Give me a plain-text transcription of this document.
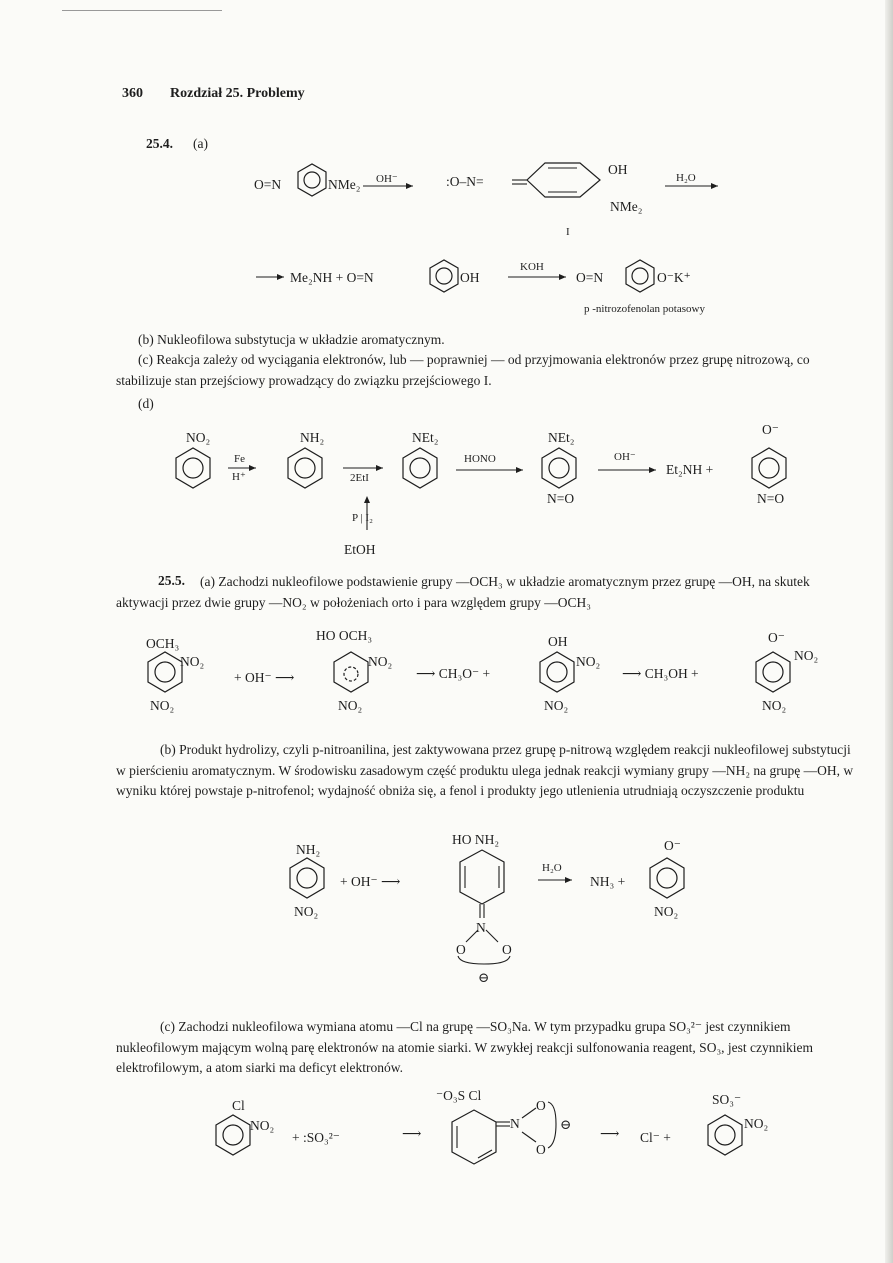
360 Rozdział 25. Problemy
25.4. (a)
O=N	NMe₂ OH⁻	:O–N=
OH
NMe₂
I
H₂O
Me₂NH + O=N	OH
KOH
O=N	O⁻K⁺
p -nitrozofenolan potasowy
(b) Nukleofilowa substytucja w układzie aromatycznym.
(c) Reakcja zależy od wyciągania elektronów, lub — poprawniej — od przyjmowania elektronów przez grupę nitrozową, co stabilizuje stan przejściowy prowadzący do związku przejściowego I.
(d)
NO₂
Fe
H⁺
NH₂
2EtI
NEt₂
HONO
NEt₂
N=O
OH⁻
Et₂NH +
O⁻
N=O
P | I₂
EtOH
25.5.	(a) Zachodzi nukleofilowe podstawienie grupy —OCH₃ w układzie aromatycznym przez grupę —OH, na skutek aktywacji przez dwie grupy —NO₂ w położeniach orto i para względem grupy —OCH₃
OCH₃
NO₂
NO₂
+ OH⁻ ⟶
HO OCH₃
NO₂
NO₂
⟶ CH₃O⁻ +
OH
NO₂
NO₂
⟶ CH₃OH +
O⁻
NO₂
NO₂
(b) Produkt hydrolizy, czyli p-nitroanilina, jest zaktywowana przez grupę p-nitrową względem reakcji nukleofilowej substytucji w pierścieniu aromatycznym. W środowisku zasadowym część produktu ulega jednak reakcji wymiany grupy —NH₂ na grupę —OH, w wyniku której powstaje p-nitrofenol; wydajność obniża się, a fenol i produkty jego utlenienia utrudniają oczyszczenie produktu
NH₂
NO₂
+ OH⁻ ⟶
HO NH₂
N
O	O
⊖
H₂O
NH₃ +
O⁻
NO₂
(c) Zachodzi nukleofilowa wymiana atomu —Cl na grupę —SO₃Na. W tym przypadku grupa SO₃²⁻ jest czynnikiem nukleofilowym mającym wolną parę elektronów na atomie siarki. W zwykłej reakcji sulfonowania reagent, SO₃, jest czynnikiem elektrofilowym, a atom siarki ma deficyt elektronów.
Cl
NO₂
+ :SO₃²⁻	⟶
⁻O₃S Cl
N
O
O
⊖
⟶ Cl⁻ +
SO₃⁻
NO₂
